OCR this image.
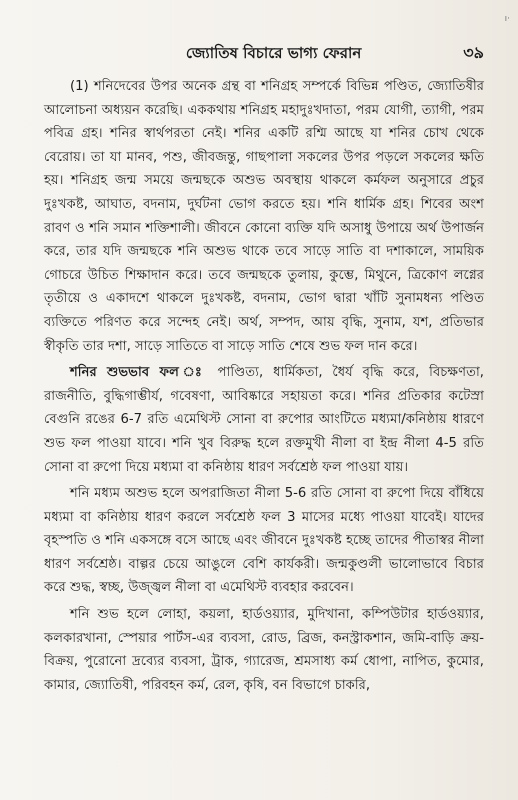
ı·
জ্যোতিষ বিচারে ভাগ্য ফেরান	৩৯

(1) শনিদেবের উপর অনেক গ্রন্থ বা শনিগ্রহ সম্পর্কে বিভিন্ন পণ্ডিত, জ্যোতিষীর আলোচনা অধ্যয়ন করেছি। এককথায় শনিগ্রহ মহাদুঃখদাতা, পরম যোগী, ত্যাগী, পরম পবিত্র গ্রহ। শনির স্বার্থপরতা নেই। শনির একটি রশ্মি আছে যা শনির চোখ থেকে বেরোয়। তা যা মানব, পশু, জীবজন্তু, গাছপালা সকলের উপর পড়লে সকলের ক্ষতি হয়। শনিগ্রহ জন্ম সময়ে জন্মছকে অশুভ অবস্থায় থাকলে কর্মফল অনুসারে প্রচুর দুঃখকষ্ট, আঘাত, বদনাম, দুর্ঘটনা ভোগ করতে হয়। শনি ধার্মিক গ্রহ। শিবের অংশ রাবণ ও শনি সমান শক্তিশালী। জীবনে কোনো ব্যক্তি যদি অসাধু উপায়ে অর্থ উপার্জন করে, তার যদি জন্মছকে শনি অশুভ থাকে তবে সাড়ে সাতি বা দশাকালে, সাময়িক গোচরে উচিত শিক্ষাদান করে। তবে জন্মছকে তুলায়, কুম্ভে, মিথুনে, ত্রিকোণ লগ্নের তৃতীয়ে ও একাদশে থাকলে দুঃখকষ্ট, বদনাম, ভোগ দ্বারা খাঁটি সুনামধন্য পণ্ডিত ব্যক্তিতে পরিণত করে সন্দেহ নেই। অর্থ, সম্পদ, আয় বৃদ্ধি, সুনাম, যশ, প্রতিভার স্বীকৃতি তার দশা, সাড়ে সাতিতে বা সাড়ে সাতি শেষে শুভ ফল দান করে।

শনির শুভভাব ফল ঃ পাণ্ডিত্য, ধার্মিকতা, ধৈর্য বৃদ্ধি করে, বিচক্ষণতা, রাজনীতি, বুদ্ধিগাম্ভীর্য, গবেষণা, আবিষ্কারে সহায়তা করে। শনির প্রতিকার কটেস্রা বেগুনি রঙের 6-7 রতি এমেথিস্ট সোনা বা রুপোর আংটিতে মধ্যমা/কনিষ্ঠায় ধারণে শুভ ফল পাওয়া যাবে। শনি খুব বিরুদ্ধ হলে রক্তমুখী নীলা বা ইন্দ্র নীলা 4-5 রতি সোনা বা রুপো দিয়ে মধ্যমা বা কনিষ্ঠায় ধারণ সর্বশ্রেষ্ঠ ফল পাওয়া যায়।

শনি মধ্যম অশুভ হলে অপরাজিতা নীলা 5-6 রতি সোনা বা রুপো দিয়ে বাঁধিয়ে মধ্যমা বা কনিষ্ঠায় ধারণ করলে সর্বশ্রেষ্ঠ ফল 3 মাসের মধ্যে পাওয়া যাবেই। যাদের বৃহস্পতি ও শনি একসঙ্গে বসে আছে এবং জীবনে দুঃখকষ্ট হচ্ছে তাদের পীতাস্বর নীলা ধারণ সর্বশ্রেষ্ঠ। বাল্গর চেয়ে আঙুলে বেশি কার্যকরী। জন্মকুণ্ডলী ভালোভাবে বিচার করে শুদ্ধ, স্বচ্ছ, উজ্জ্বল নীলা বা এমেথিস্ট ব্যবহার করবেন।

শনি শুভ হলে লোহা, কয়লা, হার্ডওয়্যার, মুদিখানা, কম্পিউটার হার্ডওয়্যার, কলকারখানা, স্পেয়ার পার্টস-এর ব্যবসা, রোড, ব্রিজ, কনস্ট্রাকশান, জমি-বাড়ি ক্রয়-বিক্রয়, পুরোনো দ্রব্যের ব্যবসা, ট্রাক, গ্যারেজ, শ্রমসাধ্য কর্ম ধোপা, নাপিত, কুমোর, কামার, জ্যোতিষী, পরিবহন কর্ম, রেল, কৃষি, বন বিভাগে চাকরি,
